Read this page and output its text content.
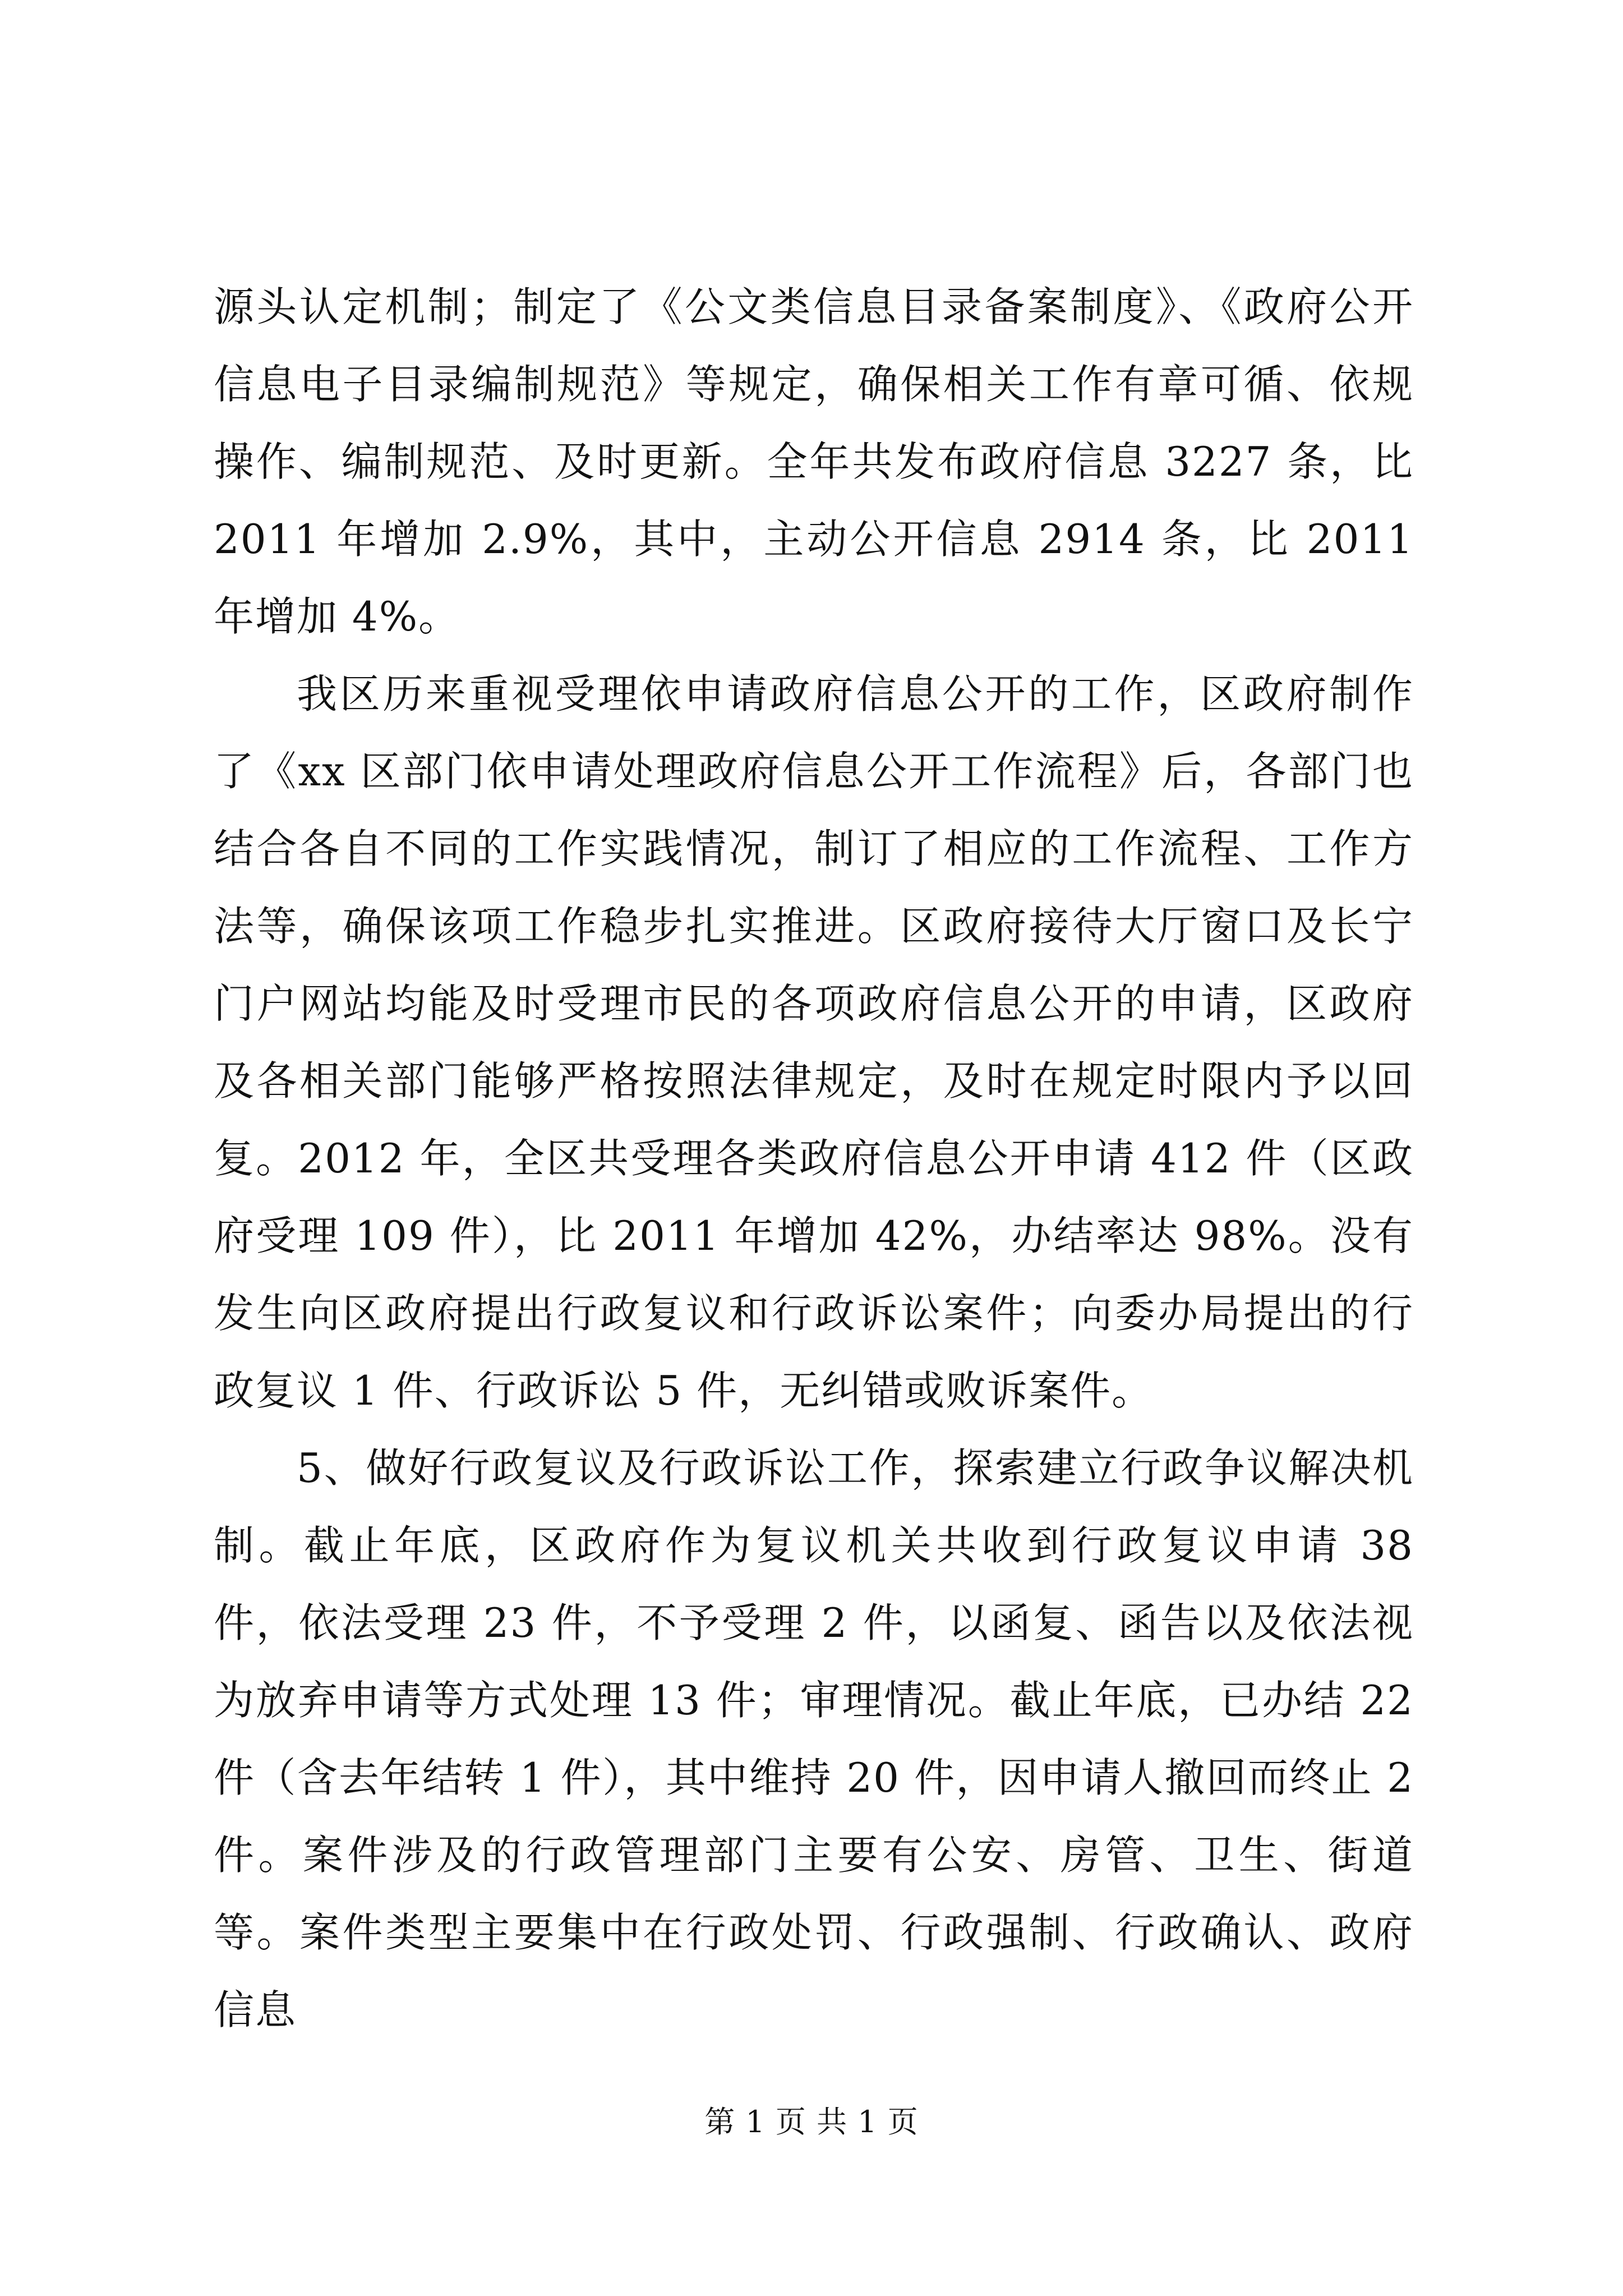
源头认定机制；制定了《公文类信息目录备案制度》、《政府公开信息电子目录编制规范》等规定，确保相关工作有章可循、依规操作、编制规范、及时更新。全年共发布政府信息 3227 条，比 2011 年增加 2.9%，其中，主动公开信息 2914 条，比 2011 年增加 4%。

我区历来重视受理依申请政府信息公开的工作，区政府制作了《xx 区部门依申请处理政府信息公开工作流程》后，各部门也结合各自不同的工作实践情况，制订了相应的工作流程、工作方法等，确保该项工作稳步扎实推进。区政府接待大厅窗口及长宁门户网站均能及时受理市民的各项政府信息公开的申请，区政府及各相关部门能够严格按照法律规定，及时在规定时限内予以回复。2012 年，全区共受理各类政府信息公开申请 412 件（区政府受理 109 件），比 2011 年增加 42%，办结率达 98%。没有发生向区政府提出行政复议和行政诉讼案件；向委办局提出的行政复议 1 件、行政诉讼 5 件，无纠错或败诉案件。

5、做好行政复议及行政诉讼工作，探索建立行政争议解决机制。截止年底，区政府作为复议机关共收到行政复议申请 38 件，依法受理 23 件，不予受理 2 件，以函复、函告以及依法视为放弃申请等方式处理 13 件；审理情况。截止年底，已办结 22 件（含去年结转 1 件），其中维持 20 件，因申请人撤回而终止 2 件。案件涉及的行政管理部门主要有公安、房管、卫生、街道等。案件类型主要集中在行政处罚、行政强制、行政确认、政府信息

第 1 页 共 1 页
